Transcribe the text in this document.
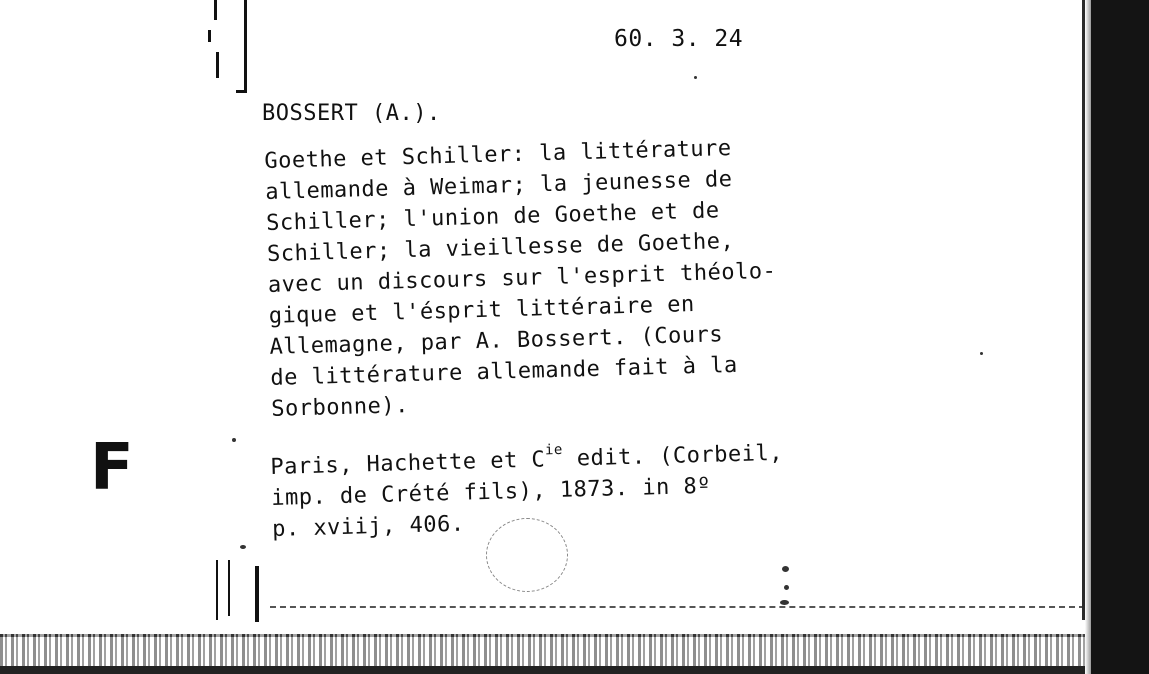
60. 3. 24
BOSSERT (A.).
Goethe et Schiller: la littérature
allemande à Weimar; la jeunesse de
Schiller; l'union de Goethe et de
Schiller; la vieillesse de Goethe,
avec un discours sur l'esprit théolo-
gique et l'ésprit littéraire en
Allemagne, par A. Bossert. (Cours
de littérature allemande fait à la
Sorbonne).
Paris, Hachette et $C^{ie}$ edit. (Corbeil,
imp. de Crété fils), 1873. in 8º
p. xviij, 406.
F
